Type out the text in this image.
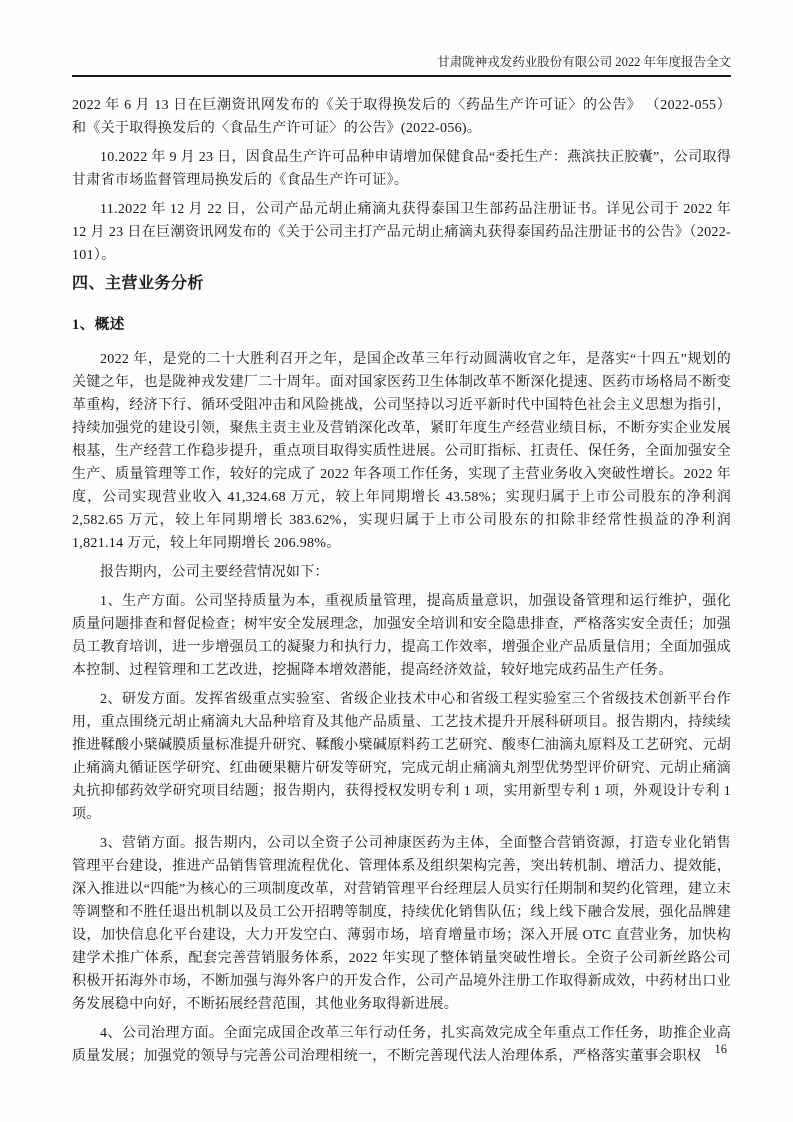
甘肃陇神戎发药业股份有限公司 2022 年年度报告全文

2022 年 6 月 13 日在巨潮资讯网发布的《关于取得换发后的〈药品生产许可证〉的公告》 （2022-055）和《关于取得换发后的〈食品生产许可证〉的公告》(2022-056)。

10.2022 年 9 月 23 日，因食品生产许可品种申请增加保健食品“委托生产：燕滨扶正胶囊”，公司取得甘肃省市场监督管理局换发后的《食品生产许可证》。

11.2022 年 12 月 22 日，公司产品元胡止痛滴丸获得泰国卫生部药品注册证书。详见公司于 2022 年 12 月 23 日在巨潮资讯网发布的《关于公司主打产品元胡止痛滴丸获得泰国药品注册证书的公告》（2022-101）。

四、主营业务分析
1、概述

2022 年，是党的二十大胜利召开之年，是国企改革三年行动圆满收官之年，是落实“十四五”规划的关键之年，也是陇神戎发建厂二十周年。面对国家医药卫生体制改革不断深化提速、医药市场格局不断变革重构，经济下行、循环受阻冲击和风险挑战，公司坚持以习近平新时代中国特色社会主义思想为指引，持续加强党的建设引领，聚焦主责主业及营销深化改革，紧盯年度生产经营业绩目标，不断夯实企业发展根基，生产经营工作稳步提升，重点项目取得实质性进展。公司盯指标、扛责任、保任务，全面加强安全生产、质量管理等工作，较好的完成了 2022 年各项工作任务，实现了主营业务收入突破性增长。2022 年度，公司实现营业收入 41,324.68 万元，较上年同期增长 43.58%；实现归属于上市公司股东的净利润 2,582.65 万元，较上年同期增长 383.62%，实现归属于上市公司股东的扣除非经常性损益的净利润 1,821.14 万元，较上年同期增长 206.98%。

报告期内，公司主要经营情况如下：

1、生产方面。公司坚持质量为本，重视质量管理，提高质量意识，加强设备管理和运行维护，强化质量问题排查和督促检查；树牢安全发展理念，加强安全培训和安全隐患排查，严格落实安全责任；加强员工教育培训，进一步增强员工的凝聚力和执行力，提高工作效率，增强企业产品质量信用；全面加强成本控制、过程管理和工艺改进，挖掘降本增效潜能，提高经济效益，较好地完成药品生产任务。

2、研发方面。发挥省级重点实验室、省级企业技术中心和省级工程实验室三个省级技术创新平台作用，重点围绕元胡止痛滴丸大品种培育及其他产品质量、工艺技术提升开展科研项目。报告期内，持续续推进鞣酸小檗碱膜质量标准提升研究、鞣酸小檗碱原料药工艺研究、酸枣仁油滴丸原料及工艺研究、元胡止痛滴丸循证医学研究、红曲硬果糖片研发等研究，完成元胡止痛滴丸剂型优势型评价研究、元胡止痛滴丸抗抑郁药效学研究项目结题；报告期内，获得授权发明专利 1 项，实用新型专利 1 项，外观设计专利 1 项。

3、营销方面。报告期内，公司以全资子公司神康医药为主体，全面整合营销资源，打造专业化销售管理平台建设，推进产品销售管理流程优化、管理体系及组织架构完善，突出转机制、增活力、提效能，深入推进以“四能”为核心的三项制度改革，对营销管理平台经理层人员实行任期制和契约化管理，建立末等调整和不胜任退出机制以及员工公开招聘等制度，持续优化销售队伍；线上线下融合发展，强化品牌建设，加快信息化平台建设，大力开发空白、薄弱市场，培育增量市场；深入开展 OTC 直营业务，加快构建学术推广体系，配套完善营销服务体系，2022 年实现了整体销量突破性增长。全资子公司新丝路公司积极开拓海外市场，不断加强与海外客户的开发合作，公司产品境外注册工作取得新成效，中药材出口业务发展稳中向好，不断拓展经营范围，其他业务取得新进展。

4、公司治理方面。全面完成国企改革三年行动任务，扎实高效完成全年重点工作任务，助推企业高质量发展；加强党的领导与完善公司治理相统一，不断完善现代法人治理体系，严格落实董事会职权	16
